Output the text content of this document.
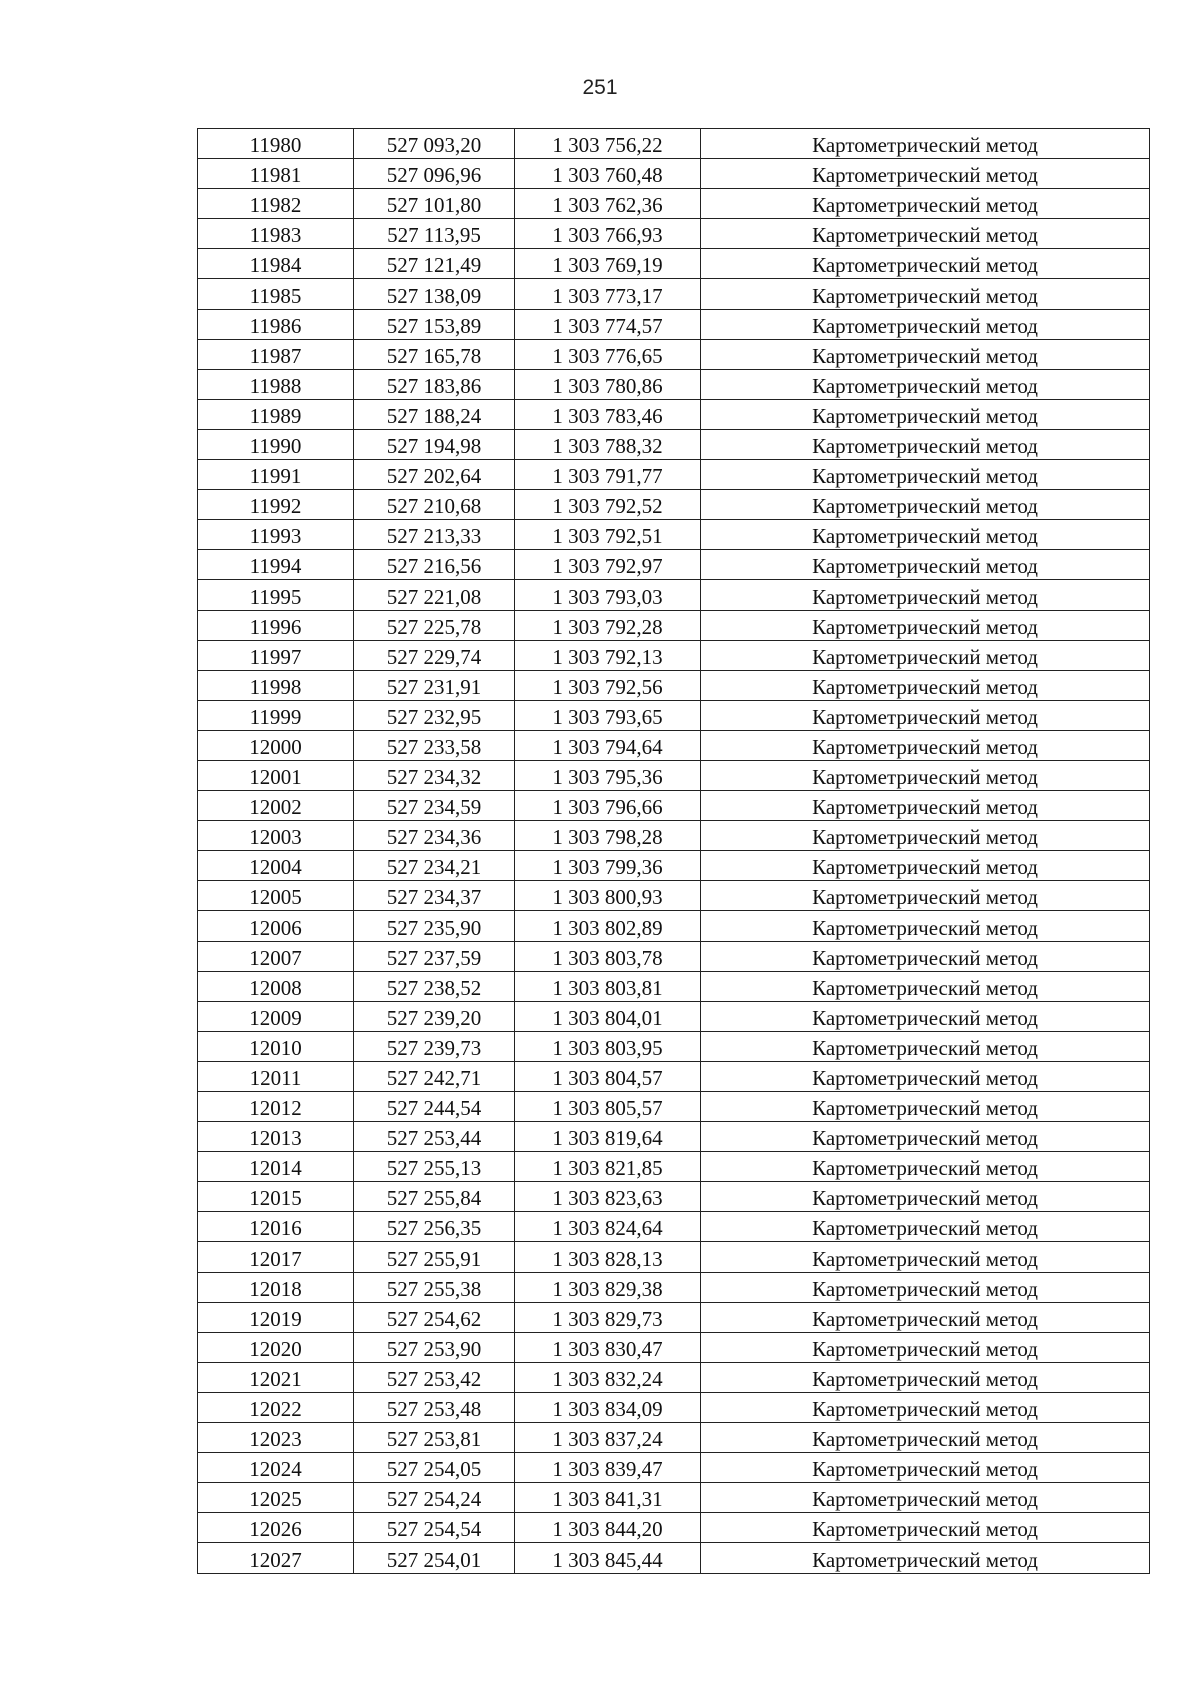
251
11980	527 093,20	1 303 756,22	Картометрический метод
11981	527 096,96	1 303 760,48	Картометрический метод
11982	527 101,80	1 303 762,36	Картометрический метод
11983	527 113,95	1 303 766,93	Картометрический метод
11984	527 121,49	1 303 769,19	Картометрический метод
11985	527 138,09	1 303 773,17	Картометрический метод
11986	527 153,89	1 303 774,57	Картометрический метод
11987	527 165,78	1 303 776,65	Картометрический метод
11988	527 183,86	1 303 780,86	Картометрический метод
11989	527 188,24	1 303 783,46	Картометрический метод
11990	527 194,98	1 303 788,32	Картометрический метод
11991	527 202,64	1 303 791,77	Картометрический метод
11992	527 210,68	1 303 792,52	Картометрический метод
11993	527 213,33	1 303 792,51	Картометрический метод
11994	527 216,56	1 303 792,97	Картометрический метод
11995	527 221,08	1 303 793,03	Картометрический метод
11996	527 225,78	1 303 792,28	Картометрический метод
11997	527 229,74	1 303 792,13	Картометрический метод
11998	527 231,91	1 303 792,56	Картометрический метод
11999	527 232,95	1 303 793,65	Картометрический метод
12000	527 233,58	1 303 794,64	Картометрический метод
12001	527 234,32	1 303 795,36	Картометрический метод
12002	527 234,59	1 303 796,66	Картометрический метод
12003	527 234,36	1 303 798,28	Картометрический метод
12004	527 234,21	1 303 799,36	Картометрический метод
12005	527 234,37	1 303 800,93	Картометрический метод
12006	527 235,90	1 303 802,89	Картометрический метод
12007	527 237,59	1 303 803,78	Картометрический метод
12008	527 238,52	1 303 803,81	Картометрический метод
12009	527 239,20	1 303 804,01	Картометрический метод
12010	527 239,73	1 303 803,95	Картометрический метод
12011	527 242,71	1 303 804,57	Картометрический метод
12012	527 244,54	1 303 805,57	Картометрический метод
12013	527 253,44	1 303 819,64	Картометрический метод
12014	527 255,13	1 303 821,85	Картометрический метод
12015	527 255,84	1 303 823,63	Картометрический метод
12016	527 256,35	1 303 824,64	Картометрический метод
12017	527 255,91	1 303 828,13	Картометрический метод
12018	527 255,38	1 303 829,38	Картометрический метод
12019	527 254,62	1 303 829,73	Картометрический метод
12020	527 253,90	1 303 830,47	Картометрический метод
12021	527 253,42	1 303 832,24	Картометрический метод
12022	527 253,48	1 303 834,09	Картометрический метод
12023	527 253,81	1 303 837,24	Картометрический метод
12024	527 254,05	1 303 839,47	Картометрический метод
12025	527 254,24	1 303 841,31	Картометрический метод
12026	527 254,54	1 303 844,20	Картометрический метод
12027	527 254,01	1 303 845,44	Картометрический метод
